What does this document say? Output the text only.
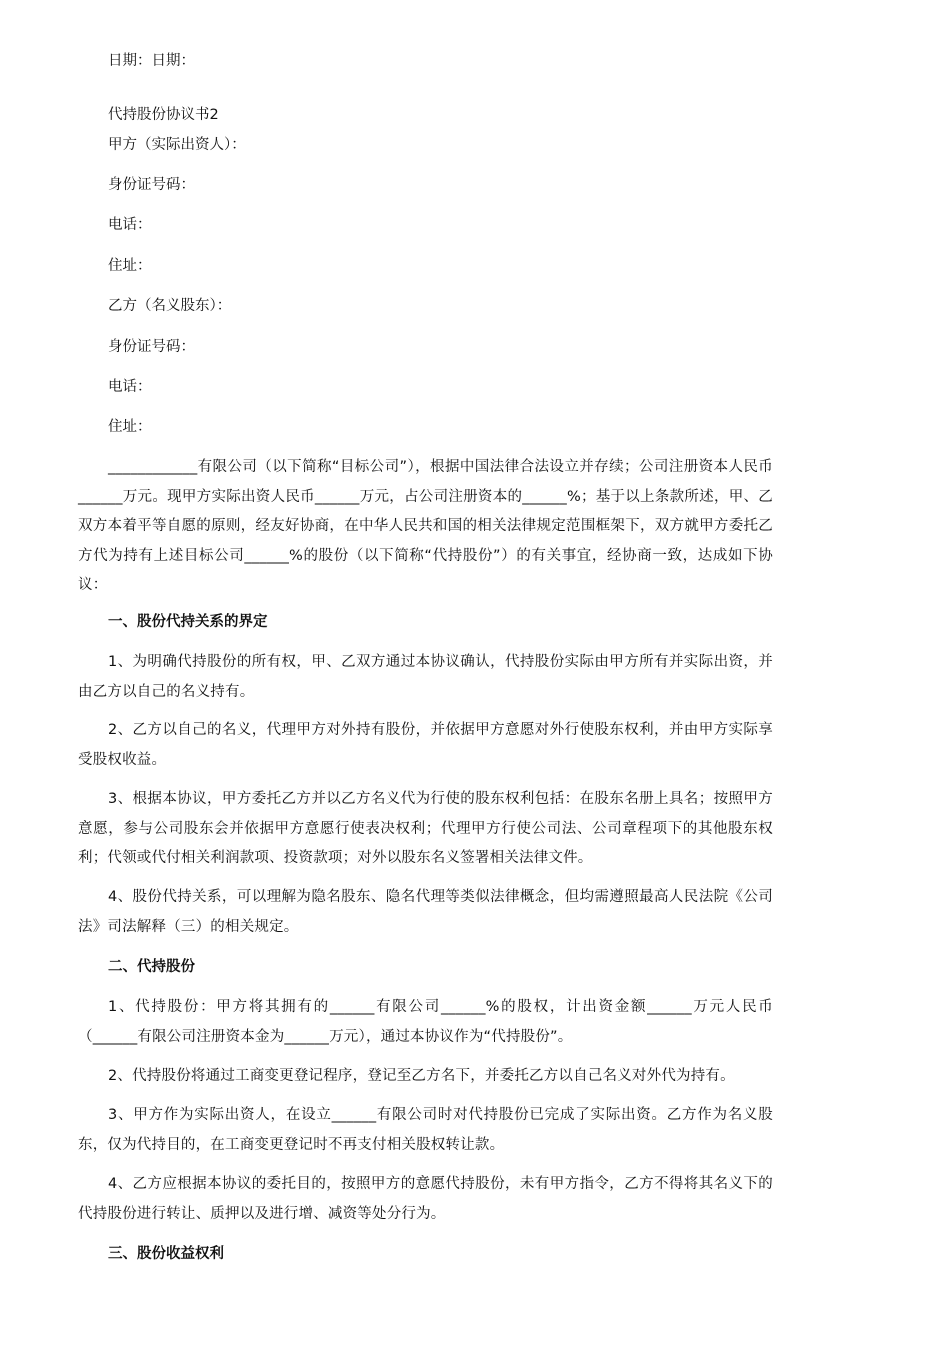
日期：日期：
代持股份协议书2
甲方（实际出资人）：
身份证号码：
电话：
住址：
乙方（名义股东）：
身份证号码：
电话：
住址：
____________有限公司（以下简称“目标公司”），根据中国法律合法设立并存续；公司注册资本人民币______万元。现甲方实际出资人民币______万元，占公司注册资本的______%；基于以上条款所述，甲、乙双方本着平等自愿的原则，经友好协商，在中华人民共和国的相关法律规定范围框架下，双方就甲方委托乙方代为持有上述目标公司______%的股份（以下简称“代持股份”）的有关事宜，经协商一致，达成如下协议：
一、股份代持关系的界定
1、为明确代持股份的所有权，甲、乙双方通过本协议确认，代持股份实际由甲方所有并实际出资，并由乙方以自己的名义持有。
2、乙方以自己的名义，代理甲方对外持有股份，并依据甲方意愿对外行使股东权利，并由甲方实际享受股权收益。
3、根据本协议，甲方委托乙方并以乙方名义代为行使的股东权利包括：在股东名册上具名；按照甲方意愿，参与公司股东会并依据甲方意愿行使表决权利；代理甲方行使公司法、公司章程项下的其他股东权利；代领或代付相关利润款项、投资款项；对外以股东名义签署相关法律文件。
4、股份代持关系，可以理解为隐名股东、隐名代理等类似法律概念，但均需遵照最高人民法院《公司法》司法解释（三）的相关规定。
二、代持股份
1、代持股份：甲方将其拥有的______有限公司______%的股权，计出资金额______万元人民币（______有限公司注册资本金为______万元），通过本协议作为“代持股份”。
2、代持股份将通过工商变更登记程序，登记至乙方名下，并委托乙方以自己名义对外代为持有。
3、甲方作为实际出资人，在设立______有限公司时对代持股份已完成了实际出资。乙方作为名义股东，仅为代持目的，在工商变更登记时不再支付相关股权转让款。
4、乙方应根据本协议的委托目的，按照甲方的意愿代持股份，未有甲方指令，乙方不得将其名义下的代持股份进行转让、质押以及进行增、减资等处分行为。
三、股份收益权利
